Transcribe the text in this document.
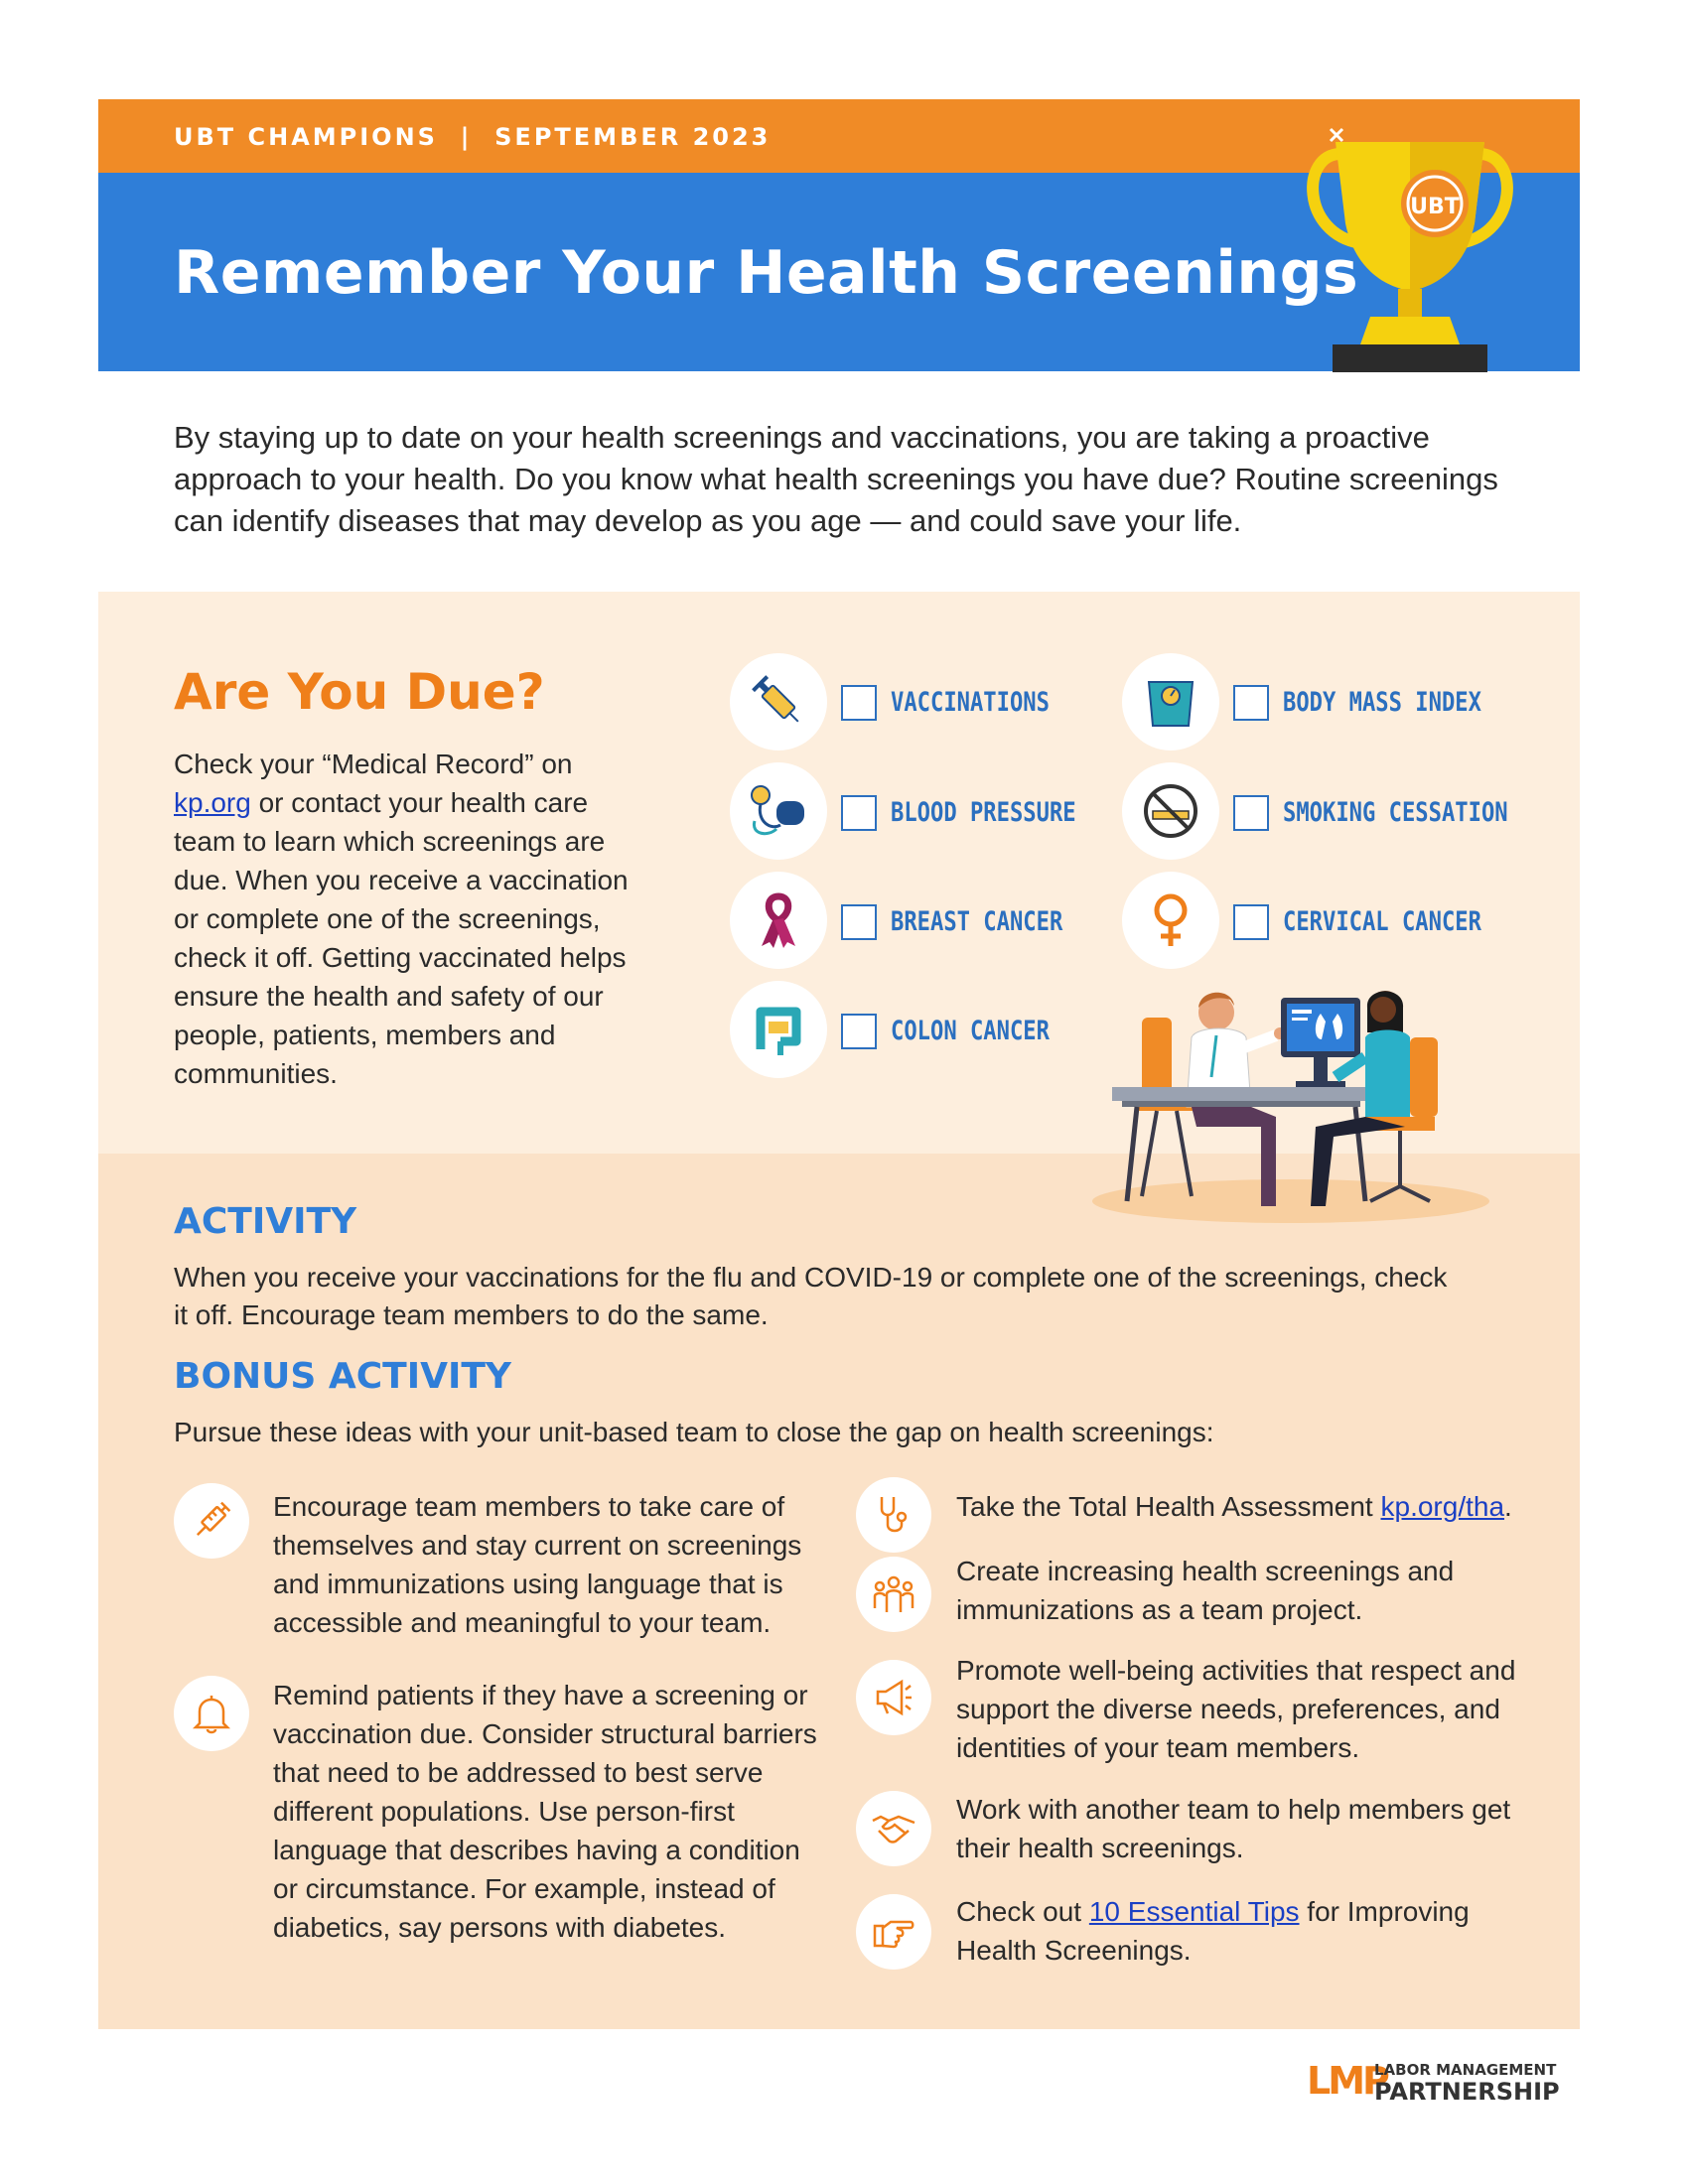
UBT CHAMPIONS  |  SEPTEMBER 2023
Remember Your Health Screenings
UBT
By staying up to date on your health screenings and vaccinations, you are taking a proactive approach to your health. Do you know what health screenings you have due? Routine screenings can identify diseases that may develop as you age — and could save your life.
Are You Due?
Check your “Medical Record” on kp.org or contact your health care team to learn which screenings are due. When you receive a vaccination or complete one of the screenings, check it off. Getting vaccinated helps ensure the health and safety of our people, patients, members and communities.
VACCINATIONS	BODY MASS INDEX
BLOOD PRESSURE	SMOKING CESSATION
BREAST CANCER	CERVICAL CANCER
COLON CANCER
ACTIVITY
When you receive your vaccinations for the flu and COVID-19 or complete one of the screenings, check it off. Encourage team members to do the same.
BONUS ACTIVITY
Pursue these ideas with your unit-based team to close the gap on health screenings:
Encourage team members to take care of themselves and stay current on screenings and immunizations using language that is accessible and meaningful to your team.
Remind patients if they have a screening or vaccination due. Consider structural barriers that need to be addressed to best serve different populations. Use person-first language that describes having a condition or circumstance. For example, instead of diabetics, say persons with diabetes.
Take the Total Health Assessment kp.org/tha.
Create increasing health screenings and immunizations as a team project.
Promote well-being activities that respect and support the diverse needs, preferences, and identities of your team members.
Work with another team to help members get their health screenings.
Check out 10 Essential Tips for Improving Health Screenings.
LMP
LABOR MANAGEMENT
PARTNERSHIP
